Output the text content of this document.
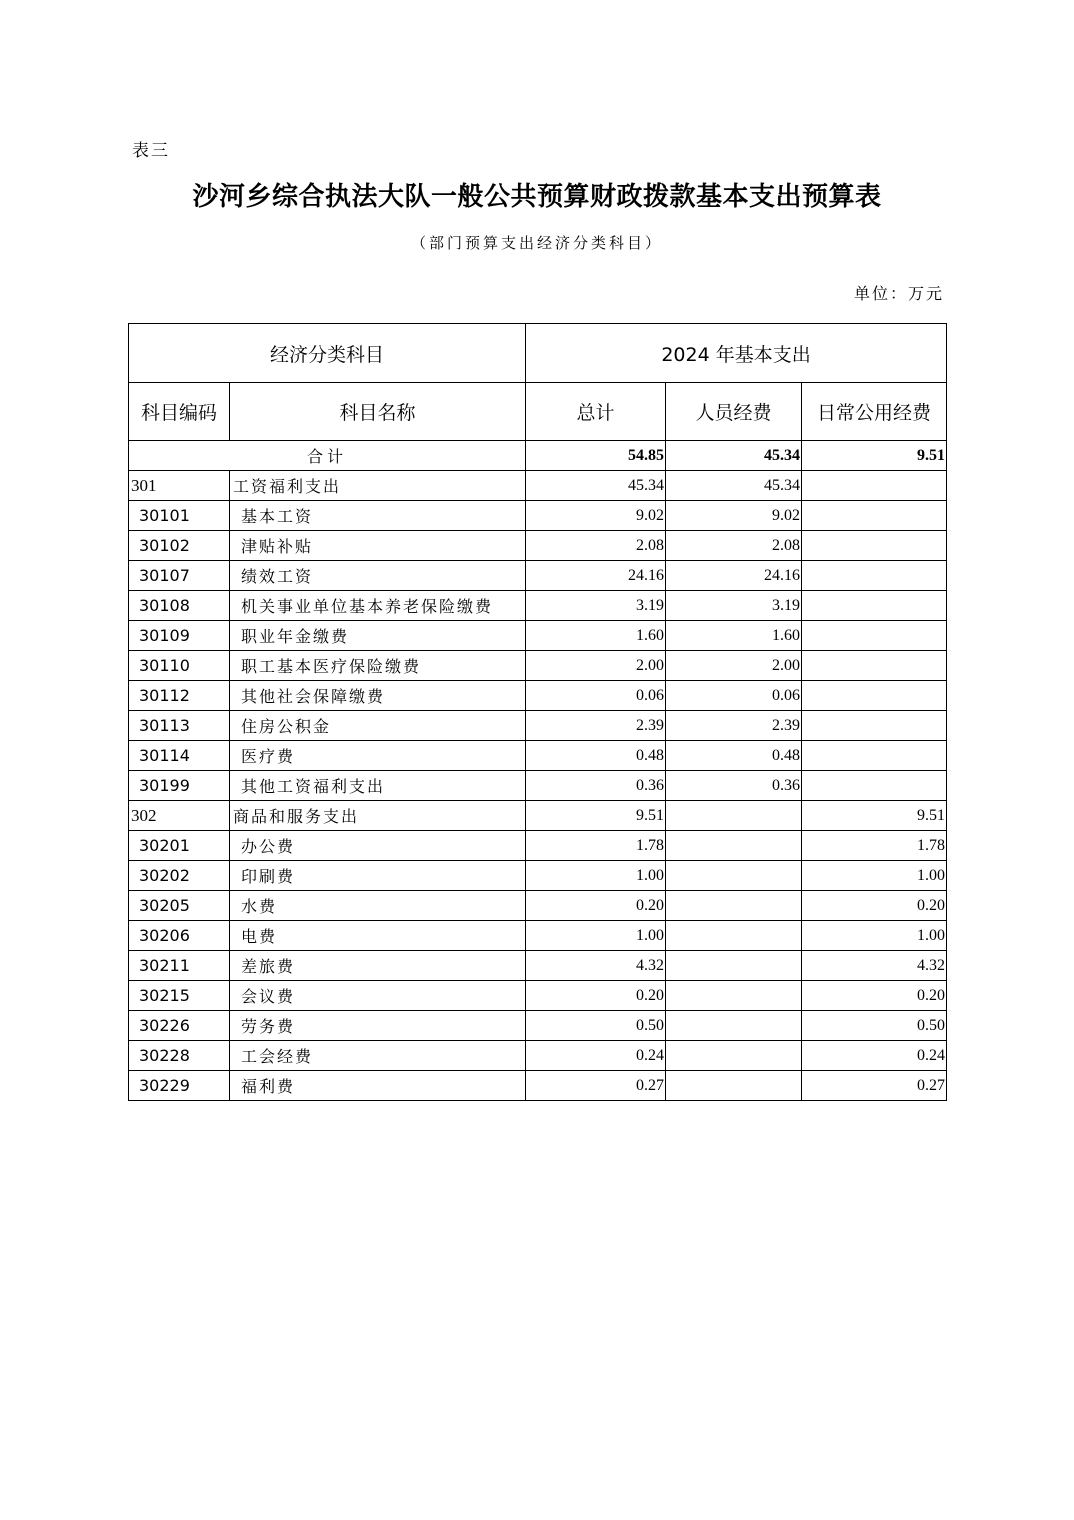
表三
沙河乡综合执法大队一般公共预算财政拨款基本支出预算表
（部门预算支出经济分类科目）
单位：万元
经济分类科目		2024 年基本支出		
科目编码	科目名称	总计	人员经费	日常公用经费
合计		54.85	45.34	9.51
301	工资福利支出	45.34	45.34	
30101	基本工资	9.02	9.02	
30102	津贴补贴	2.08	2.08	
30107	绩效工资	24.16	24.16	
30108	机关事业单位基本养老保险缴费	3.19	3.19	
30109	职业年金缴费	1.60	1.60	
30110	职工基本医疗保险缴费	2.00	2.00	
30112	其他社会保障缴费	0.06	0.06	
30113	住房公积金	2.39	2.39	
30114	医疗费	0.48	0.48	
30199	其他工资福利支出	0.36	0.36	
302	商品和服务支出	9.51		9.51
30201	办公费	1.78		1.78
30202	印刷费	1.00		1.00
30205	水费	0.20		0.20
30206	电费	1.00		1.00
30211	差旅费	4.32		4.32
30215	会议费	0.20		0.20
30226	劳务费	0.50		0.50
30228	工会经费	0.24		0.24
30229	福利费	0.27		0.27
